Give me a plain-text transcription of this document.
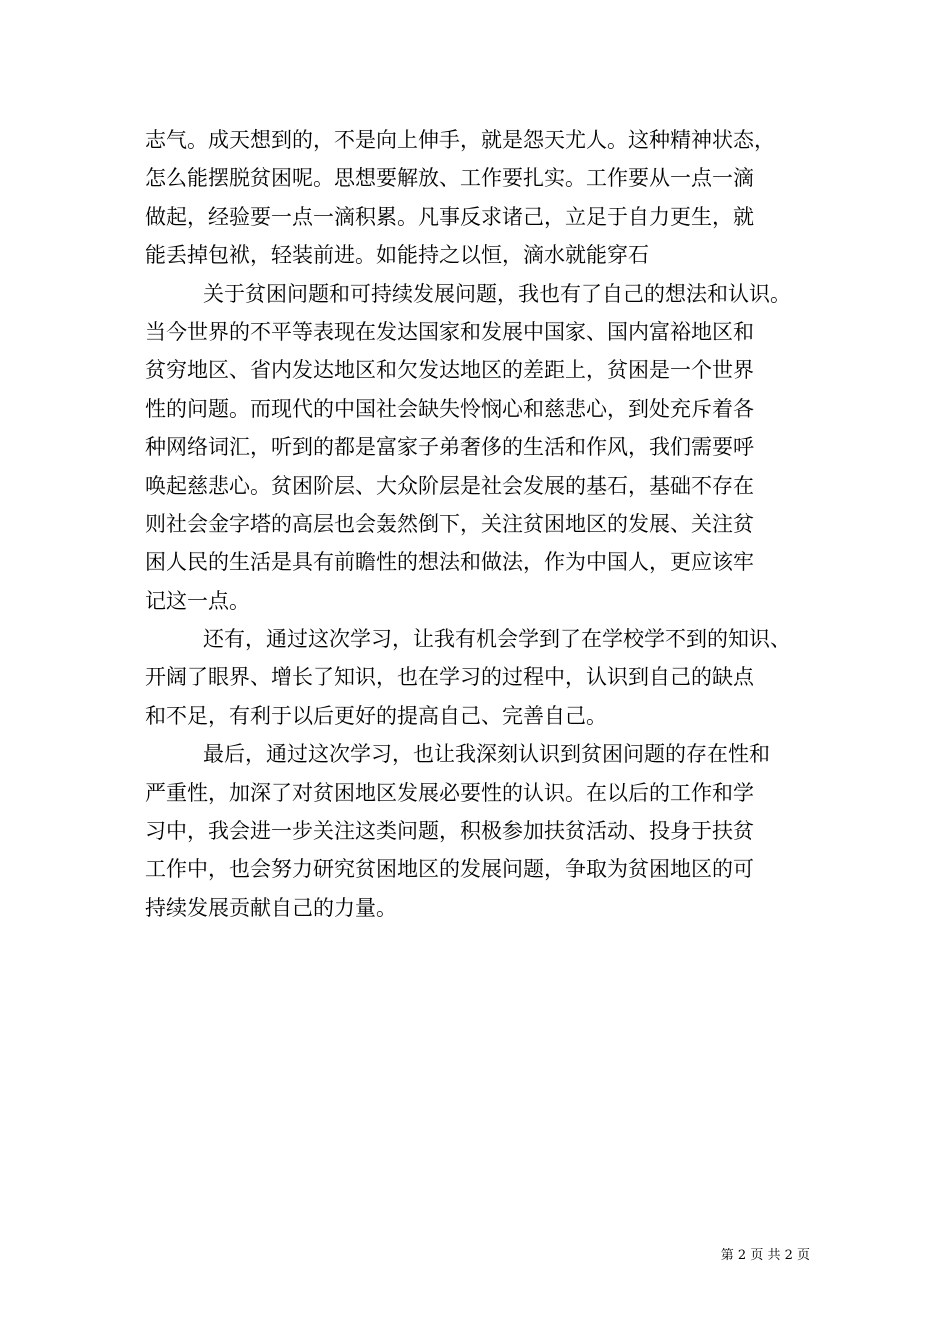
志气。成天想到的，不是向上伸手，就是怨天尤人。这种精神状态，
怎么能摆脱贫困呢。思想要解放、工作要扎实。工作要从一点一滴
做起，经验要一点一滴积累。凡事反求诸己，立足于自力更生，就
能丢掉包袱，轻装前进。如能持之以恒，滴水就能穿石
关于贫困问题和可持续发展问题，我也有了自己的想法和认识。
当今世界的不平等表现在发达国家和发展中国家、国内富裕地区和
贫穷地区、省内发达地区和欠发达地区的差距上，贫困是一个世界
性的问题。而现代的中国社会缺失怜悯心和慈悲心，到处充斥着各
种网络词汇，听到的都是富家子弟奢侈的生活和作风，我们需要呼
唤起慈悲心。贫困阶层、大众阶层是社会发展的基石，基础不存在
则社会金字塔的高层也会轰然倒下，关注贫困地区的发展、关注贫
困人民的生活是具有前瞻性的想法和做法，作为中国人，更应该牢
记这一点。
还有，通过这次学习，让我有机会学到了在学校学不到的知识、
开阔了眼界、增长了知识，也在学习的过程中，认识到自己的缺点
和不足，有利于以后更好的提高自己、完善自己。
最后，通过这次学习，也让我深刻认识到贫困问题的存在性和
严重性，加深了对贫困地区发展必要性的认识。在以后的工作和学
习中，我会进一步关注这类问题，积极参加扶贫活动、投身于扶贫
工作中，也会努力研究贫困地区的发展问题，争取为贫困地区的可
持续发展贡献自己的力量。
第 2 页 共 2 页
